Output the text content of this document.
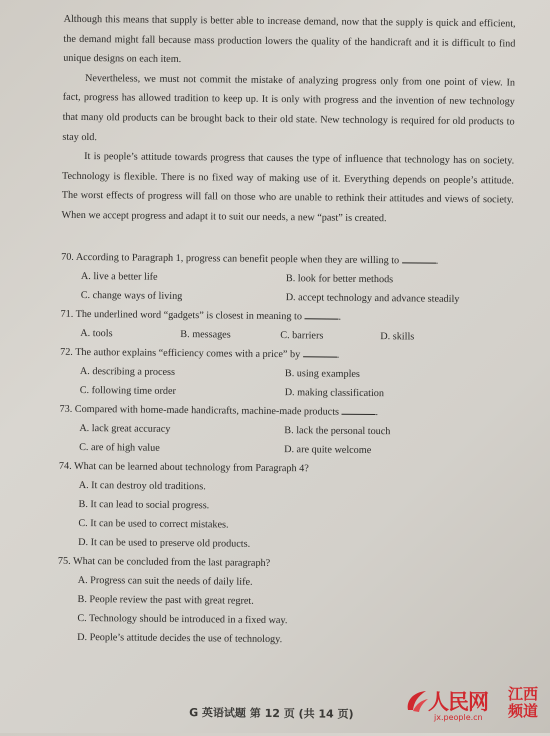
Although this means that supply is better able to increase demand, now that the supply is quick and efficient, the demand might fall because mass production lowers the quality of the handicraft and it is difficult to find unique designs on each item.

Nevertheless, we must not commit the mistake of analyzing progress only from one point of view. In fact, progress has allowed tradition to keep up. It is only with progress and the invention of new technology that many old products can be brought back to their old state. New technology is required for old products to stay old.

It is people’s attitude towards progress that causes the type of influence that technology has on society. Technology is flexible. There is no fixed way of making use of it. Everything depends on people’s attitude. The worst effects of progress will fall on those who are unable to rethink their attitudes and views of society. When we accept progress and adapt it to suit our needs, a new “past” is created.

70. According to Paragraph 1, progress can benefit people when they are willing to	.
A. live a better life	B. look for better methods
C. change ways of living	D. accept technology and advance steadily
71. The underlined word “gadgets” is closest in meaning to	.
A. tools	B. messages	C. barriers	D. skills
72. The author explains “efficiency comes with a price” by	.
A. describing a process	B. using examples
C. following time order	D. making classification
73. Compared with home-made handicrafts, machine-made products	.
A. lack great accuracy	B. lack the personal touch
C. are of high value	D. are quite welcome
74. What can be learned about technology from Paragraph 4?
A. It can destroy old traditions.
B. It can lead to social progress.
C. It can be used to correct mistakes.
D. It can be used to preserve old products.
75. What can be concluded from the last paragraph?
A. Progress can suit the needs of daily life.
B. People review the past with great regret.
C. Technology should be introduced in a fixed way.
D. People’s attitude decides the use of technology.
G 英语试题 第 12 页 (共 14 页)	人民网
jx.people.cn
江西频道
